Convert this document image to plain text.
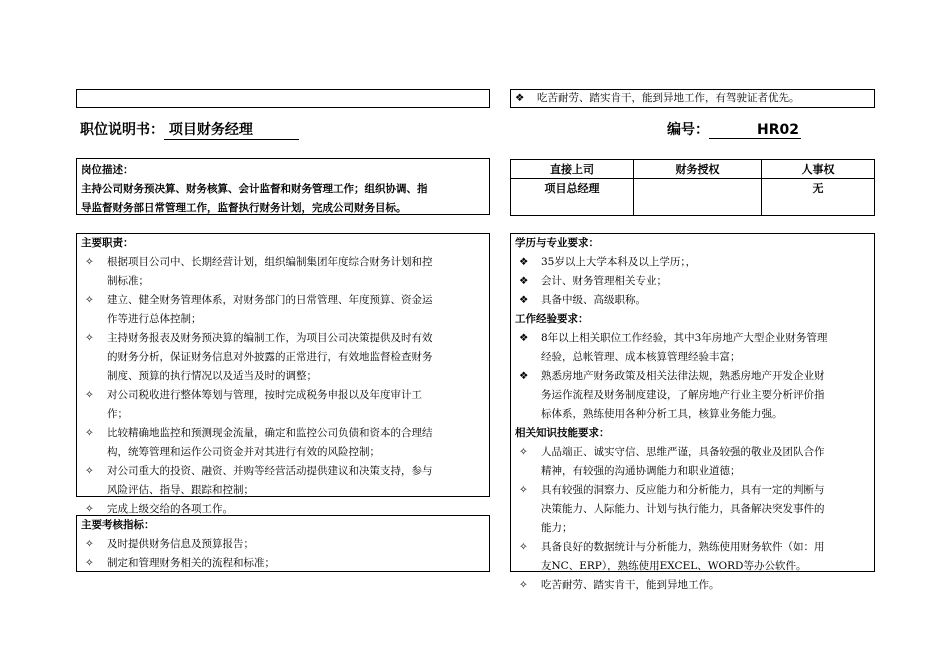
❖	吃苦耐劳、踏实肯干，能到异地工作，有驾驶证者优先。
职位说明书： 项目财务经理	编号：	HR02
岗位描述：
主持公司财务预决算、财务核算、会计监督和财务管理工作；组织协调、指
导监督财务部日常管理工作，监督执行财务计划，完成公司财务目标。
直接上司	财务授权	人事权
项目总经理		无
主要职责：
✧	根据项目公司中、长期经营计划，组织编制集团年度综合财务计划和控
制标准；
✧	建立、健全财务管理体系，对财务部门的日常管理、年度预算、资金运
作等进行总体控制；
✧	主持财务报表及财务预决算的编制工作，为项目公司决策提供及时有效
的财务分析，保证财务信息对外披露的正常进行，有效地监督检查财务
制度、预算的执行情况以及适当及时的调整；
✧	对公司税收进行整体筹划与管理，按时完成税务申报以及年度审计工
作；
✧	比较精确地监控和预测现金流量，确定和监控公司负债和资本的合理结
构，统筹管理和运作公司资金并对其进行有效的风险控制；
✧	对公司重大的投资、融资、并购等经营活动提供建议和决策支持，参与
风险评估、指导、跟踪和控制；
✧	完成上级交给的各项工作。
主要考核指标：
✧	及时提供财务信息及预算报告；
✧	制定和管理财务相关的流程和标准；
学历与专业要求：
❖	35岁以上大学本科及以上学历；，
❖	会计、财务管理相关专业；
❖	具备中级、高级职称。
工作经验要求：
❖	8年以上相关职位工作经验，其中3年房地产大型企业财务管理
经验，总帐管理、成本核算管理经验丰富；
❖	熟悉房地产财务政策及相关法律法规，熟悉房地产开发企业财
务运作流程及财务制度建设，了解房地产行业主要分析评价指
标体系，熟练使用各种分析工具，核算业务能力强。
相关知识技能要求：
✧	人品端正、诚实守信、思维严谨，具备较强的敬业及团队合作
精神，有较强的沟通协调能力和职业道德；
✧	具有较强的洞察力、反应能力和分析能力，具有一定的判断与
决策能力、人际能力、计划与执行能力，具备解决突发事件的
能力；
✧	具备良好的数据统计与分析能力，熟练使用财务软件（如：用
友NC、ERP），熟练使用EXCEL、WORD等办公软件。
✧	吃苦耐劳、踏实肯干，能到异地工作。
